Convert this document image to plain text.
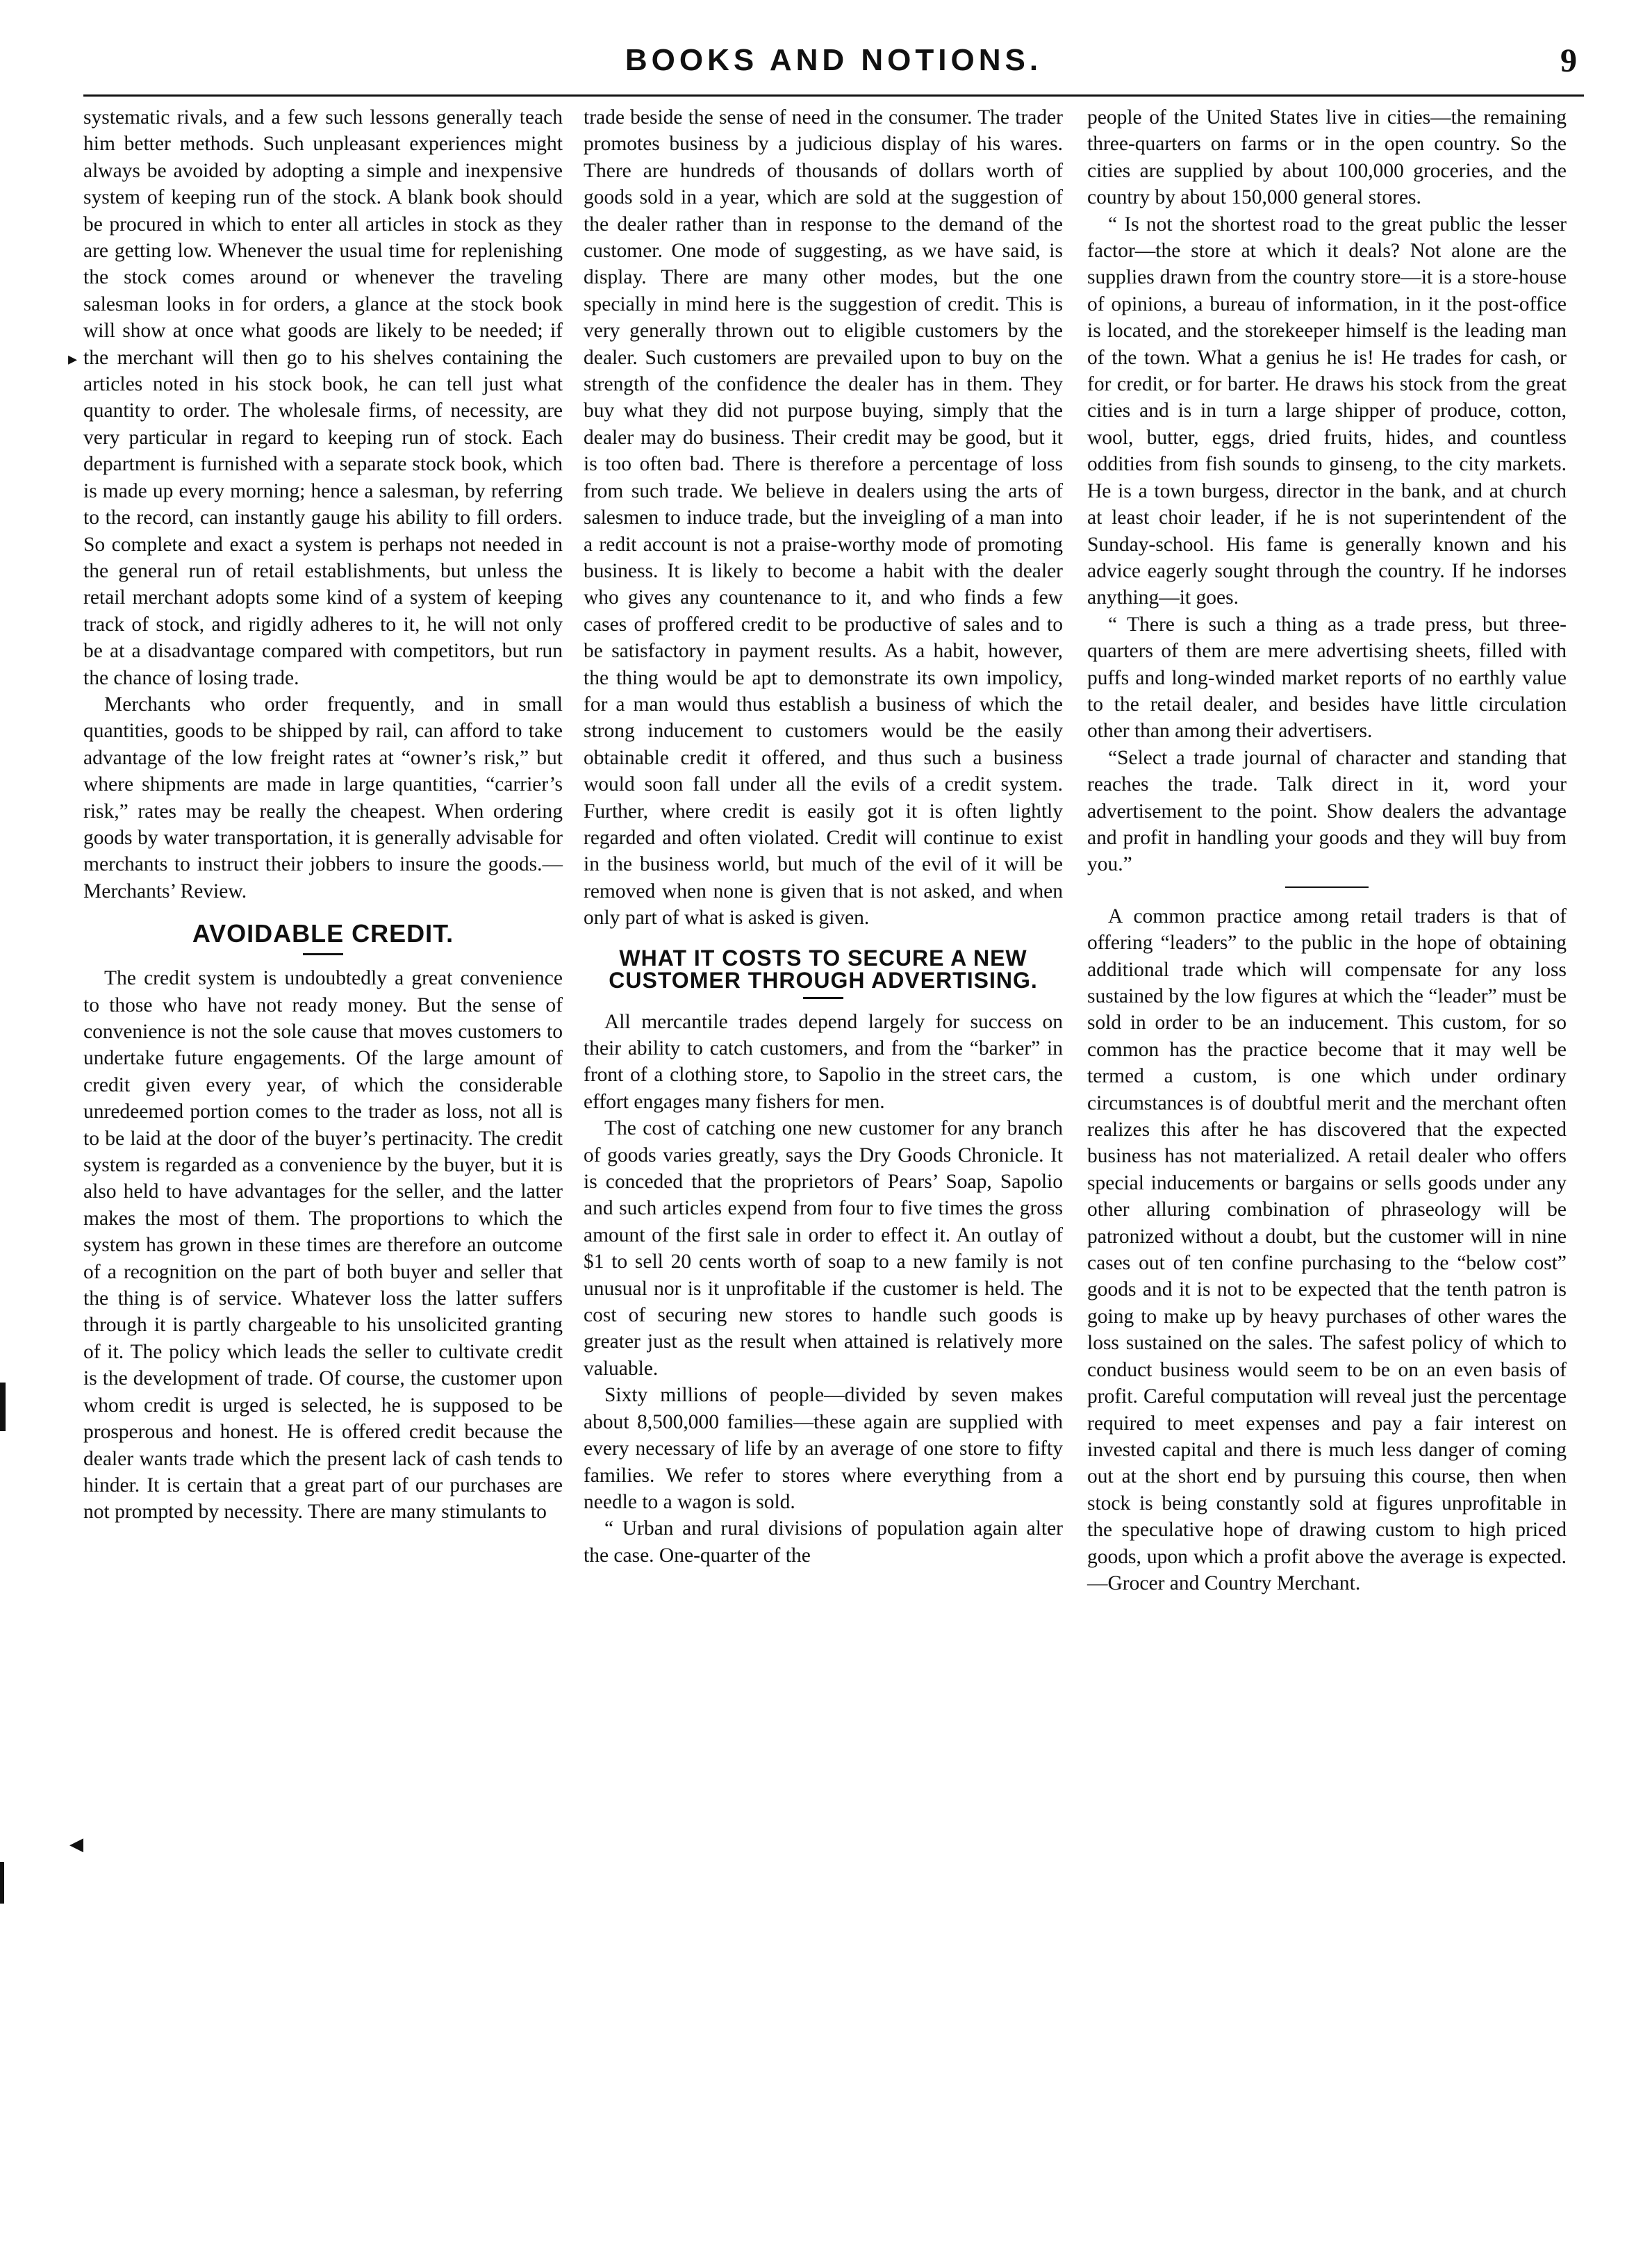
BOOKS AND NOTIONS.	9

systematic rivals, and a few such lessons generally teach him better methods. Such unpleasant experiences might always be avoided by adopting a simple and inexpensive system of keeping run of the stock. A blank book should be procured in which to enter all articles in stock as they are getting low. Whenever the usual time for replenishing the stock comes around or whenever the traveling salesman looks in for orders, a glance at the stock book will show at once what goods are likely to be needed; if the merchant will then go to his shelves containing the articles noted in his stock book, he can tell just what quantity to order. The wholesale firms, of necessity, are very particular in regard to keeping run of stock. Each department is furnished with a separate stock book, which is made up every morning; hence a salesman, by referring to the record, can instantly gauge his ability to fill orders. So complete and exact a system is perhaps not needed in the general run of retail establishments, but unless the retail merchant adopts some kind of a system of keeping track of stock, and rigidly adheres to it, he will not only be at a disadvantage compared with competitors, but run the chance of losing trade.

Merchants who order frequently, and in small quantities, goods to be shipped by rail, can afford to take advantage of the low freight rates at “owner’s risk,” but where shipments are made in large quantities, “carrier’s risk,” rates may be really the cheapest. When ordering goods by water transportation, it is generally advisable for merchants to instruct their jobbers to insure the goods.—Merchants’ Review.

AVOIDABLE CREDIT.

The credit system is undoubtedly a great convenience to those who have not ready money. But the sense of convenience is not the sole cause that moves customers to undertake future engagements. Of the large amount of credit given every year, of which the considerable unredeemed portion comes to the trader as loss, not all is to be laid at the door of the buyer’s pertinacity. The credit system is regarded as a convenience by the buyer, but it is also held to have advantages for the seller, and the latter makes the most of them. The proportions to which the system has grown in these times are therefore an outcome of a recognition on the part of both buyer and seller that the thing is of service. Whatever loss the latter suffers through it is partly chargeable to his unsolicited granting of it. The policy which leads the seller to cultivate credit is the development of trade. Of course, the customer upon whom credit is urged is selected, he is supposed to be prosperous and honest. He is offered credit because the dealer wants trade which the present lack of cash tends to hinder. It is certain that a great part of our purchases are not prompted by necessity. There are many stimulants to

trade beside the sense of need in the consumer. The trader promotes business by a judicious display of his wares. There are hundreds of thousands of dollars worth of goods sold in a year, which are sold at the suggestion of the dealer rather than in response to the demand of the customer. One mode of suggesting, as we have said, is display. There are many other modes, but the one specially in mind here is the suggestion of credit. This is very generally thrown out to eligible customers by the dealer. Such customers are prevailed upon to buy on the strength of the confidence the dealer has in them. They buy what they did not purpose buying, simply that the dealer may do business. Their credit may be good, but it is too often bad. There is therefore a percentage of loss from such trade. We believe in dealers using the arts of salesmen to induce trade, but the inveigling of a man into a redit account is not a praise-worthy mode of promoting business. It is likely to become a habit with the dealer who gives any countenance to it, and who finds a few cases of proffered credit to be productive of sales and to be satisfactory in payment results. As a habit, however, the thing would be apt to demonstrate its own impolicy, for a man would thus establish a business of which the strong inducement to customers would be the easily obtainable credit it offered, and thus such a business would soon fall under all the evils of a credit system. Further, where credit is easily got it is often lightly regarded and often violated. Credit will continue to exist in the business world, but much of the evil of it will be removed when none is given that is not asked, and when only part of what is asked is given.

WHAT IT COSTS TO SECURE A NEW CUSTOMER THROUGH ADVERTISING.

All mercantile trades depend largely for success on their ability to catch customers, and from the “barker” in front of a clothing store, to Sapolio in the street cars, the effort engages many fishers for men.

The cost of catching one new customer for any branch of goods varies greatly, says the Dry Goods Chronicle. It is conceded that the proprietors of Pears’ Soap, Sapolio and such articles expend from four to five times the gross amount of the first sale in order to effect it. An outlay of $1 to sell 20 cents worth of soap to a new family is not unusual nor is it unprofitable if the customer is held. The cost of securing new stores to handle such goods is greater just as the result when attained is relatively more valuable.

Sixty millions of people—divided by seven makes about 8,500,000 families—these again are supplied with every necessary of life by an average of one store to fifty families. We refer to stores where everything from a needle to a wagon is sold.

“ Urban and rural divisions of population again alter the case. One-quarter of the

people of the United States live in cities—the remaining three-quarters on farms or in the open country. So the cities are supplied by about 100,000 groceries, and the country by about 150,000 general stores.

“ Is not the shortest road to the great public the lesser factor—the store at which it deals? Not alone are the supplies drawn from the country store—it is a store-house of opinions, a bureau of information, in it the post-office is located, and the storekeeper himself is the leading man of the town. What a genius he is! He trades for cash, or for credit, or for barter. He draws his stock from the great cities and is in turn a large shipper of produce, cotton, wool, butter, eggs, dried fruits, hides, and countless oddities from fish sounds to ginseng, to the city markets. He is a town burgess, director in the bank, and at church at least choir leader, if he is not superintendent of the Sunday-school. His fame is generally known and his advice eagerly sought through the country. If he indorses anything—it goes.

“ There is such a thing as a trade press, but three-quarters of them are mere advertising sheets, filled with puffs and long-winded market reports of no earthly value to the retail dealer, and besides have little circulation other than among their advertisers.

“Select a trade journal of character and standing that reaches the trade. Talk direct in it, word your advertisement to the point. Show dealers the advantage and profit in handling your goods and they will buy from you.”

A common practice among retail traders is that of offering “leaders” to the public in the hope of obtaining additional trade which will compensate for any loss sustained by the low figures at which the “leader” must be sold in order to be an inducement. This custom, for so common has the practice become that it may well be termed a custom, is one which under ordinary circumstances is of doubtful merit and the merchant often realizes this after he has discovered that the expected business has not materialized. A retail dealer who offers special inducements or bargains or sells goods under any other alluring combination of phraseology will be patronized without a doubt, but the customer will in nine cases out of ten confine purchasing to the “below cost” goods and it is not to be expected that the tenth patron is going to make up by heavy purchases of other wares the loss sustained on the sales. The safest policy of which to conduct business would seem to be on an even basis of profit. Careful computation will reveal just the percentage required to meet expenses and pay a fair interest on invested capital and there is much less danger of coming out at the short end by pursuing this course, then when stock is being constantly sold at figures unprofitable in the speculative hope of drawing custom to high priced goods, upon which a profit above the average is expected.—Grocer and Country Merchant.

▸
◀
